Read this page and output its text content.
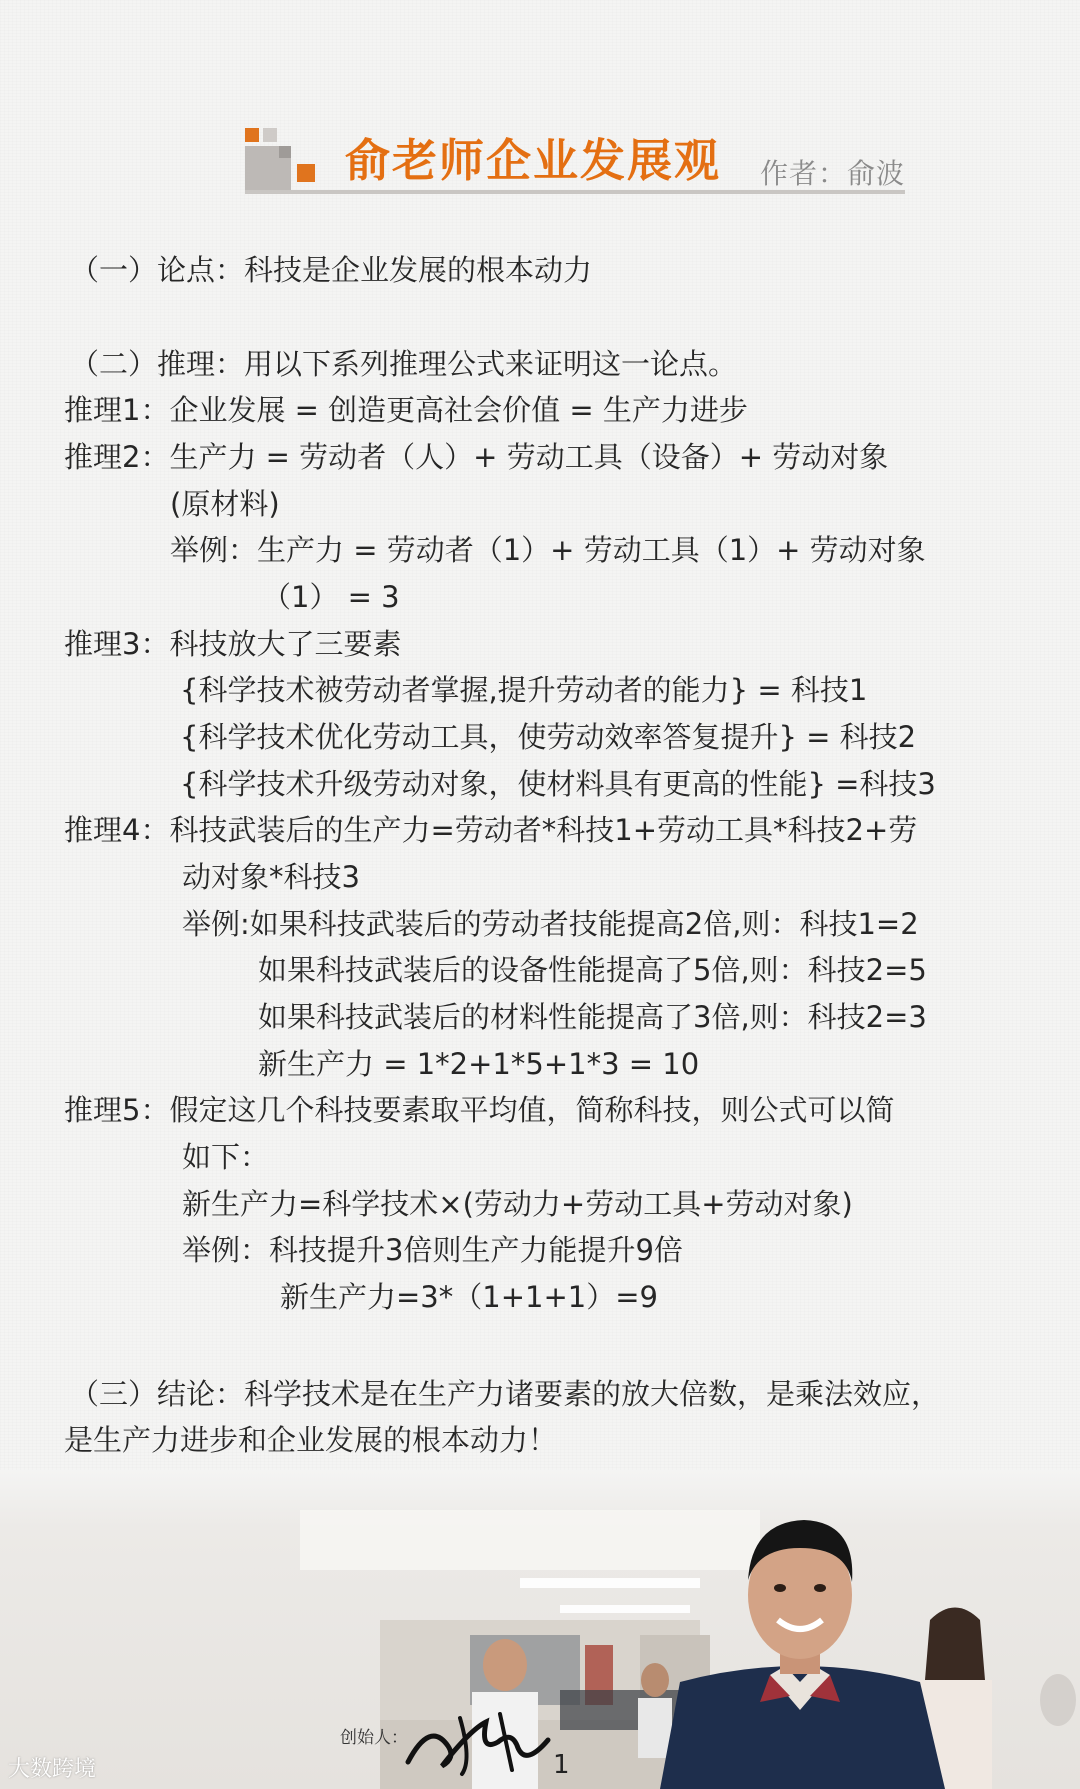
俞老师企业发展观 作者：俞波
（一）论点：科技是企业发展的根本动力
（二）推理：用以下系列推理公式来证明这一论点。
推理1：企业发展 = 创造更高社会价值 = 生产力进步
推理2：生产力 = 劳动者（人）+ 劳动工具（设备）+ 劳动对象
(原材料)
举例：生产力 = 劳动者（1）+ 劳动工具（1）+ 劳动对象
（1） = 3
推理3：科技放大了三要素
{科学技术被劳动者掌握,提升劳动者的能力} = 科技1
{科学技术优化劳动工具，使劳动效率答复提升} = 科技2
{科学技术升级劳动对象，使材料具有更高的性能} =科技3
推理4：科技武装后的生产力=劳动者*科技1+劳动工具*科技2+劳
动对象*科技3
举例:如果科技武装后的劳动者技能提高2倍,则：科技1=2
如果科技武装后的设备性能提高了5倍,则：科技2=5
如果科技武装后的材料性能提高了3倍,则：科技2=3
新生产力 = 1*2+1*5+1*3 = 10
推理5：假定这几个科技要素取平均值，简称科技，则公式可以简
如下：
新生产力=科学技术×(劳动力+劳动工具+劳动对象)
举例：科技提升3倍则生产力能提升9倍
新生产力=3*（1+1+1）=9
（三）结论：科学技术是在生产力诸要素的放大倍数，是乘法效应，
是生产力进步和企业发展的根本动力！
创始人：
1
大数跨境
